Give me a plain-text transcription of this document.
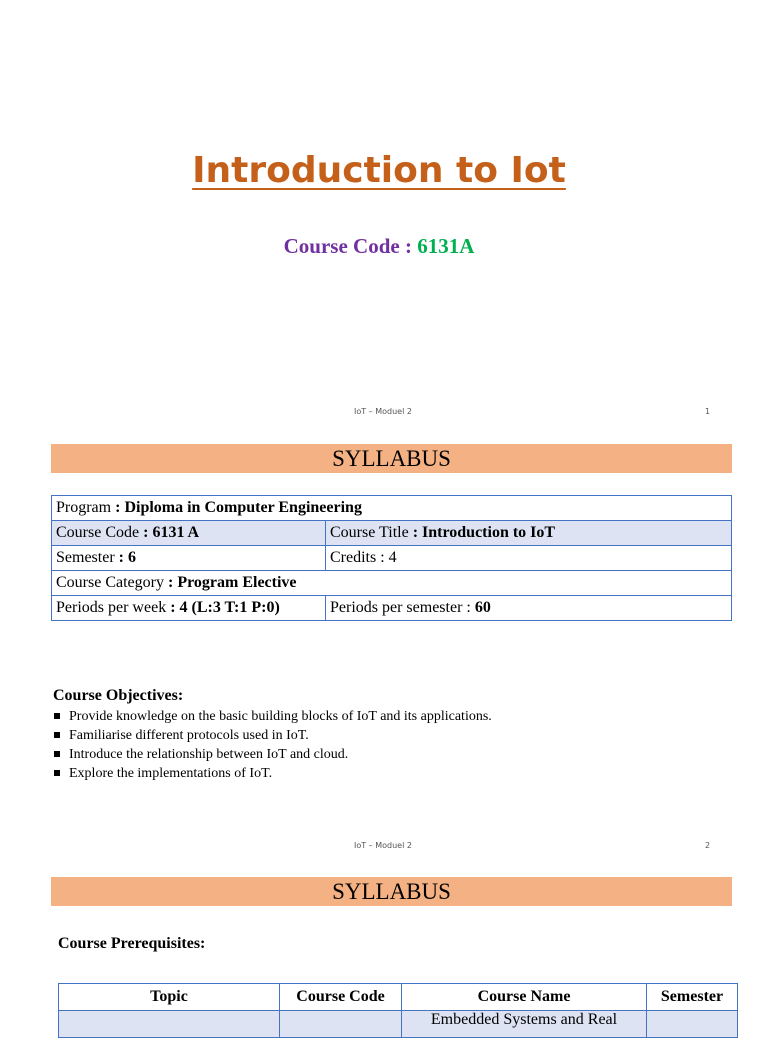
Introduction to Iot
Course Code : 6131A
IoT – Moduel 2	1
SYLLABUS
Program : Diploma in Computer Engineering	
Course Code : 6131 A	Course Title : Introduction to IoT
Semester : 6	Credits : 4
Course Category : Program Elective	
Periods per week : 4 (L:3 T:1 P:0)	Periods per semester : 60
Course Objectives:
Provide knowledge on the basic building blocks of IoT and its applications.
Familiarise different protocols used in IoT.
Introduce the relationship between IoT and cloud.
Explore the implementations of IoT.
IoT – Moduel 2	2
SYLLABUS
Course Prerequisites:
Topic	Course Code	Course Name	Semester
		Embedded Systems and Real	
